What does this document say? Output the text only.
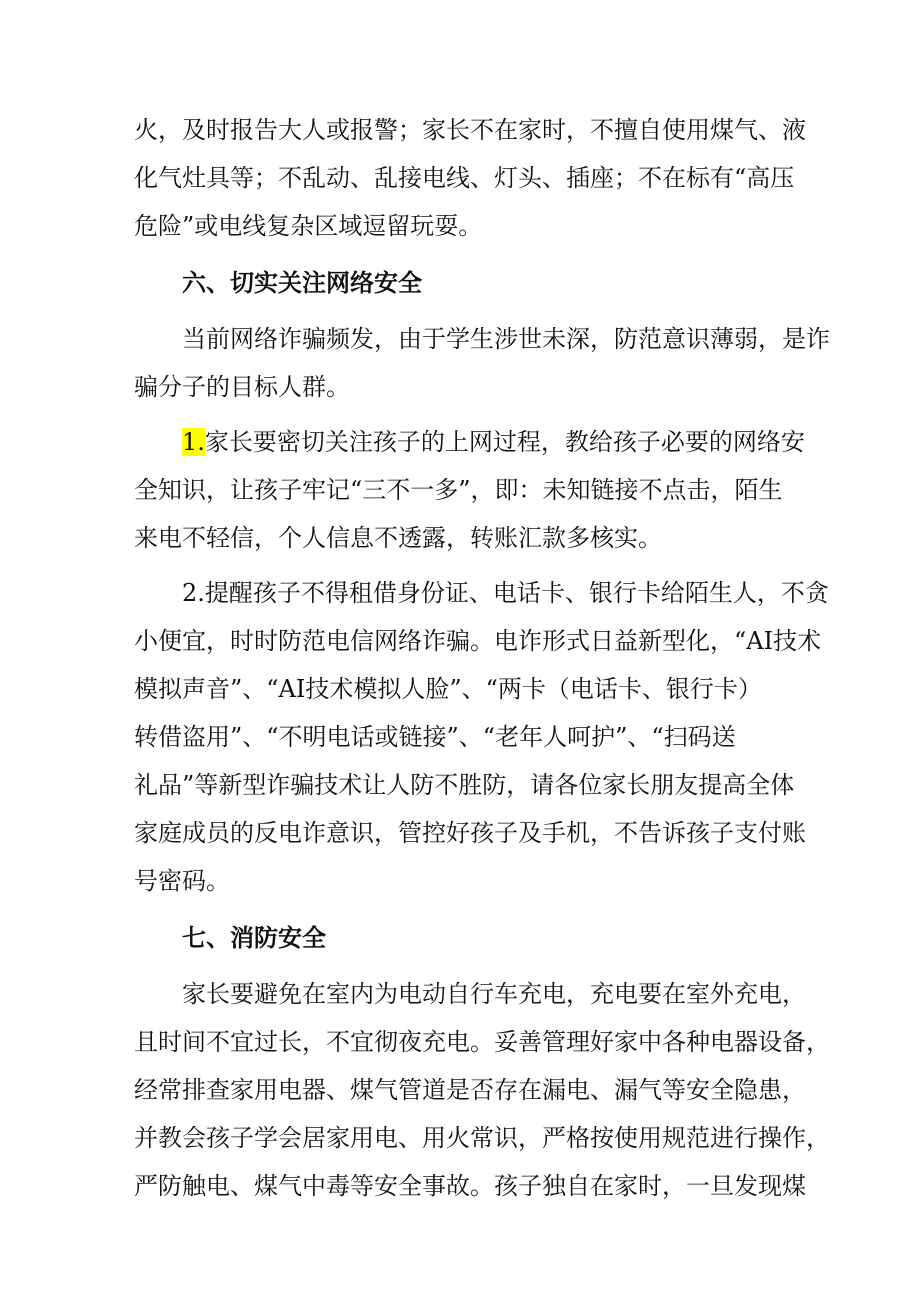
火，及时报告大人或报警；家长不在家时，不擅自使用煤气、液

化气灶具等；不乱动、乱接电线、灯头、插座；不在标有“高压

危险”或电线复杂区域逗留玩耍。

六、切实关注网络安全

当前网络诈骗频发，由于学生涉世未深，防范意识薄弱，是诈

骗分子的目标人群。

1.家长要密切关注孩子的上网过程，教给孩子必要的网络安

全知识，让孩子牢记“三不一多”，即：未知链接不点击，陌生

来电不轻信，个人信息不透露，转账汇款多核实。

2.提醒孩子不得租借身份证、电话卡、银行卡给陌生人，不贪

小便宜，时时防范电信网络诈骗。电诈形式日益新型化，“AI技术

模拟声音”、“AI技术模拟人脸”、“两卡（电话卡、银行卡）

转借盗用”、“不明电话或链接”、“老年人呵护”、“扫码送

礼品”等新型诈骗技术让人防不胜防，请各位家长朋友提高全体

家庭成员的反电诈意识，管控好孩子及手机，不告诉孩子支付账

号密码。

七、消防安全

家长要避免在室内为电动自行车充电，充电要在室外充电，

且时间不宜过长，不宜彻夜充电。妥善管理好家中各种电器设备，

经常排查家用电器、煤气管道是否存在漏电、漏气等安全隐患，

并教会孩子学会居家用电、用火常识，严格按使用规范进行操作，

严防触电、煤气中毒等安全事故。孩子独自在家时，一旦发现煤
